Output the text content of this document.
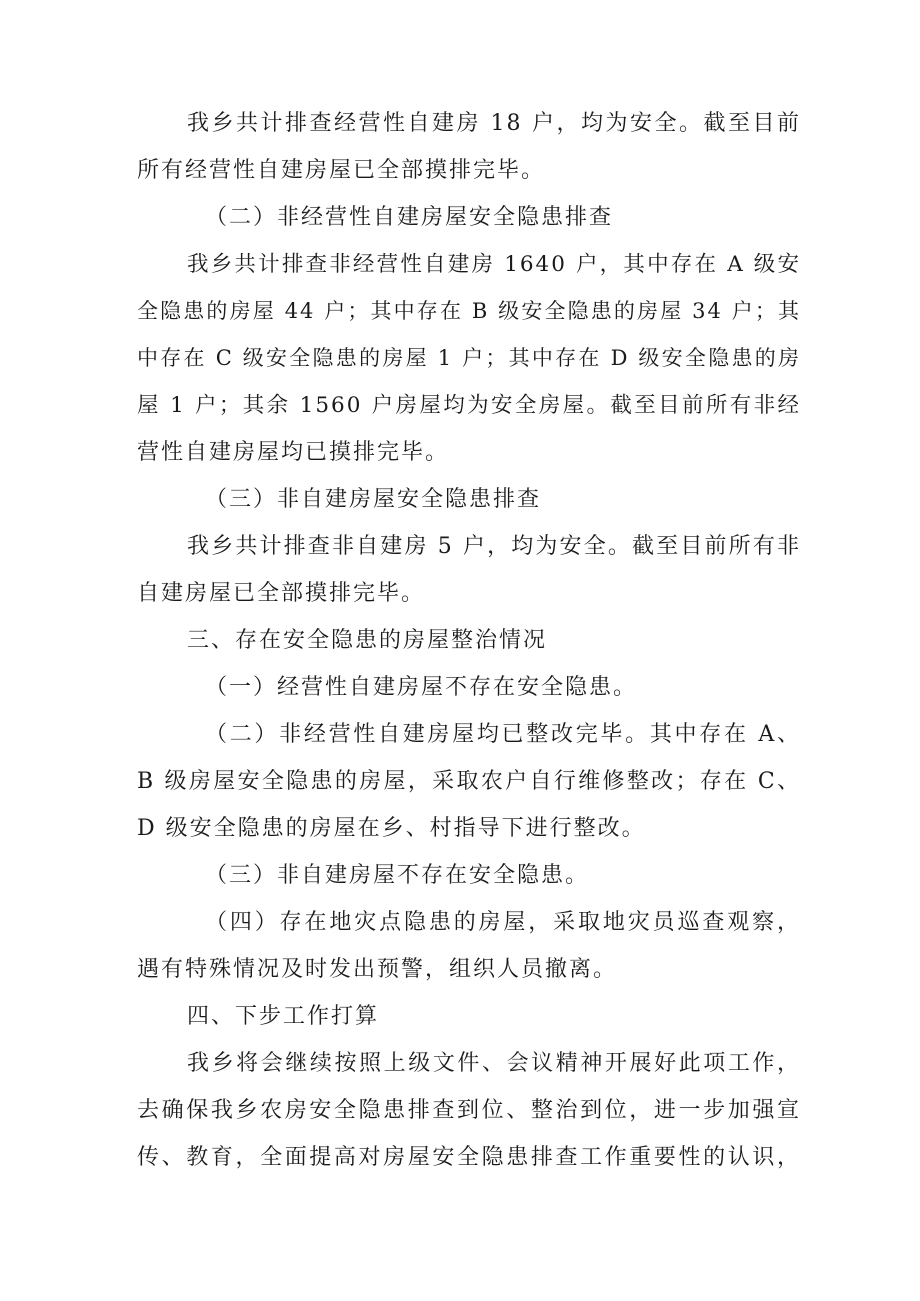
我乡共计排查经营性自建房 18 户，均为安全。截至目前
所有经营性自建房屋已全部摸排完毕。
（二）非经营性自建房屋安全隐患排查
我乡共计排查非经营性自建房 1640 户，其中存在 A 级安
全隐患的房屋 44 户；其中存在 B 级安全隐患的房屋 34 户；其
中存在 C 级安全隐患的房屋 1 户；其中存在 D 级安全隐患的房
屋 1 户；其余 1560 户房屋均为安全房屋。截至目前所有非经
营性自建房屋均已摸排完毕。
（三）非自建房屋安全隐患排查
我乡共计排查非自建房 5 户，均为安全。截至目前所有非
自建房屋已全部摸排完毕。
三、存在安全隐患的房屋整治情况
（一）经营性自建房屋不存在安全隐患。
（二）非经营性自建房屋均已整改完毕。其中存在 A、
B 级房屋安全隐患的房屋，采取农户自行维修整改；存在 C、
D 级安全隐患的房屋在乡、村指导下进行整改。
（三）非自建房屋不存在安全隐患。
（四）存在地灾点隐患的房屋，采取地灾员巡查观察，
遇有特殊情况及时发出预警，组织人员撤离。
四、下步工作打算
我乡将会继续按照上级文件、会议精神开展好此项工作，
去确保我乡农房安全隐患排查到位、整治到位，进一步加强宣
传、教育，全面提高对房屋安全隐患排查工作重要性的认识，
